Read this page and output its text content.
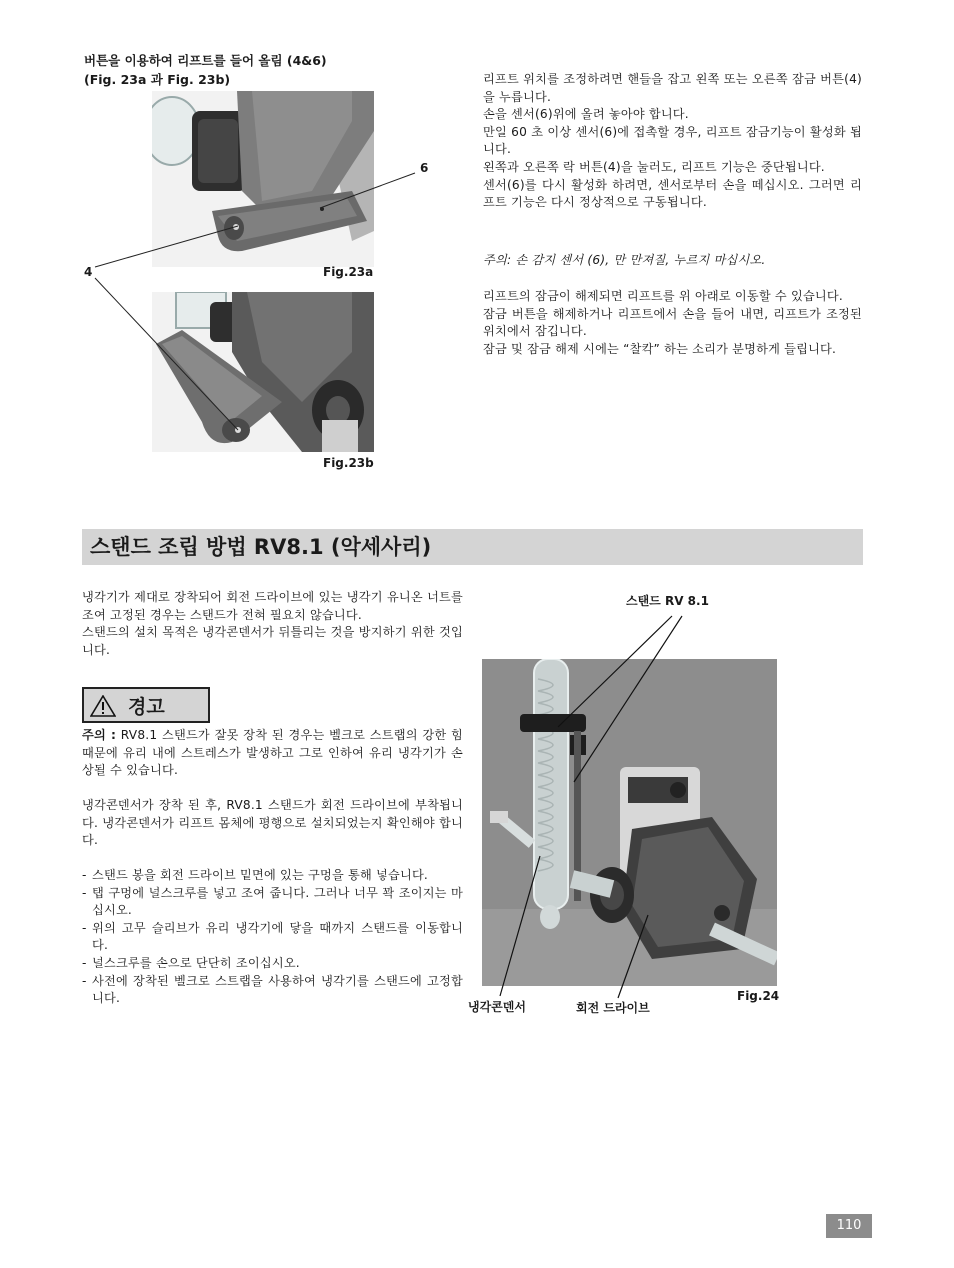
버튼을 이용하여 리프트를 들어 올림 (4&6)
(Fig. 23a 과 Fig. 23b)
6
4	Fig.23a
Fig.23b

리프트 위치를 조정하려면 핸들을 잡고 왼쪽 또는 오른쪽 잠금 버튼(4)을 누릅니다.

손을 센서(6)위에 올려 놓아야 합니다.

만일 60 초 이상 센서(6)에 접촉할 경우, 리프트 잠금기능이 활성화 됩니다.

왼쪽과 오른쪽 락 버튼(4)을 눌러도, 리프트 기능은 중단됩니다.

센서(6)를 다시 활성화 하려면, 센서로부터 손을 떼십시오. 그러면 리프트 기능은 다시 정상적으로 구동됩니다.

주의: 손 감지 센서 (6), 만 만져질, 누르지 마십시오.

리프트의 잠금이 해제되면 리프트를 위 아래로 이동할 수 있습니다.

잠금 버튼을 해제하거나 리프트에서 손을 들어 내면, 리프트가 조정된 위치에서 잠깁니다.

잠금 및 잠금 해제 시에는 “찰칵” 하는 소리가 분명하게 들립니다.

스탠드 조립 방법 RV8.1 (악세사리)

냉각기가 제대로 장착되어 회전 드라이브에 있는 냉각기 유니온 너트를 조여 고정된 경우는 스탠드가 전혀 필요치 않습니다.

스탠드의 설치 목적은 냉각콘덴서가 뒤틀리는 것을 방지하기 위한 것입니다.

경고
주의 : RV8.1 스탠드가 잘못 장착 된 경우는 벨크로 스트랩의 강한 힘 때문에 유리 내에 스트레스가 발생하고 그로 인하여 유리 냉각기가 손상될 수 있습니다.
냉각콘덴서가 장착 된 후, RV8.1 스탠드가 회전 드라이브에 부착됩니다. 냉각콘덴서가 리프트 몸체에 평행으로 설치되었는지 확인해야 합니다.
- 스탠드 봉을 회전 드라이브 밑면에 있는 구멍을 통해 넣습니다.
- 탭 구멍에 널스크루를 넣고 조여 줍니다. 그러나 너무 꽉 조이지는 마십시오.
- 위의 고무 슬리브가 유리 냉각기에 닿을 때까지 스탠드를 이동합니다.
- 널스크루를 손으로 단단히 조이십시오.
- 사전에 장착된 벨크로 스트랩을 사용하여 냉각기를 스탠드에 고정합니다.
스탠드 RV 8.1
냉각콘덴서	회전 드라이브
Fig.24
110
